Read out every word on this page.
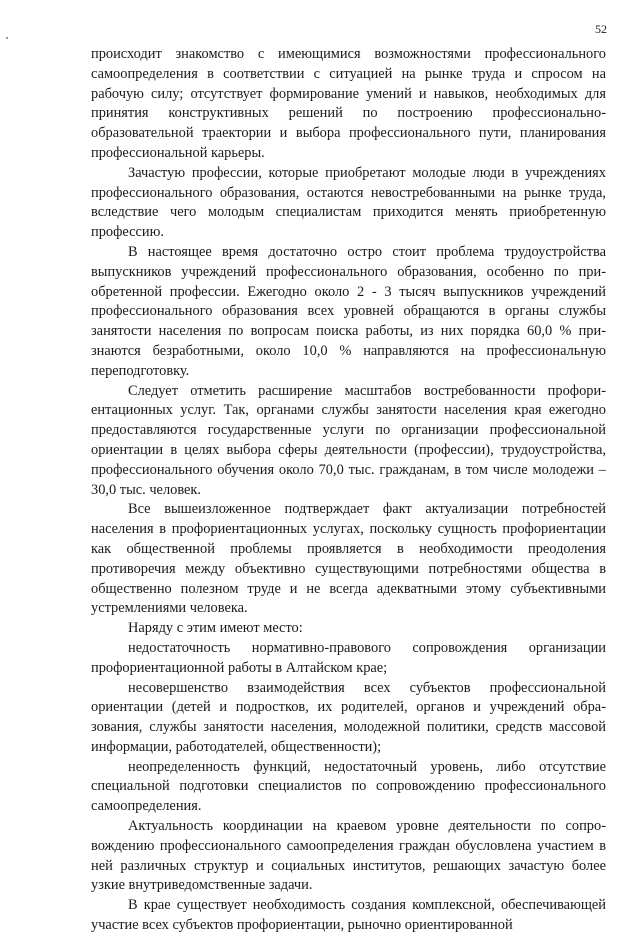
52

происходит знакомство с имеющимися возможностями профессионального самоопределения в соответствии с ситуацией на рынке труда и спросом на рабочую силу; отсутствует формирование умений и навыков, необходимых для принятия конструктивных решений по построению профессионально-образовательной траектории и выбора профессионального пути, планирования профессиональной карьеры.

Зачастую профессии, которые приобретают молодые люди в учреждениях профессионального образования, остаются невостребованными на рынке труда, вследствие чего молодым специалистам приходится менять приобретенную профессию.

В настоящее время достаточно остро стоит проблема трудоустройства выпускников учреждений профессионального образования, особенно по приобретенной профессии. Ежегодно около 2 - 3 тысяч выпускников учреждений профессионального образования всех уровней обращаются в органы службы занятости населения по вопросам поиска работы, из них порядка 60,0 % признаются безработными, около 10,0 % направляются на профессиональную переподготовку.

Следует отметить расширение масштабов востребованности профориентационных услуг. Так, органами службы занятости населения края ежегодно предоставляются государственные услуги по организации профессиональной ориентации в целях выбора сферы деятельности (профессии), трудоустройства, профессионального обучения около 70,0 тыс. гражданам, в том числе молодежи – 30,0 тыс. человек.

Все вышеизложенное подтверждает факт актуализации потребностей населения в профориентационных услугах, поскольку сущность профориентации как общественной проблемы проявляется в необходимости преодоления противоречия между объективно существующими потребностями общества в общественно полезном труде и не всегда адекватными этому субъективными устремлениями человека.

Наряду с этим имеют место:

недостаточность нормативно-правового сопровождения организации профориентационной работы в Алтайском крае;

несовершенство взаимодействия всех субъектов профессиональной ориентации (детей и подростков, их родителей, органов и учреждений образования, службы занятости населения, молодежной политики, средств массовой информации, работодателей, общественности);

неопределенность функций, недостаточный уровень, либо отсутствие специальной подготовки специалистов по сопровождению профессионального самоопределения.

Актуальность координации на краевом уровне деятельности по сопровождению профессионального самоопределения граждан обусловлена участием в ней различных структур и социальных институтов, решающих зачастую более узкие внутриведомственные задачи.

В крае существует необходимость создания комплексной, обеспечивающей участие всех субъектов профориентации, рыночно ориентированной
